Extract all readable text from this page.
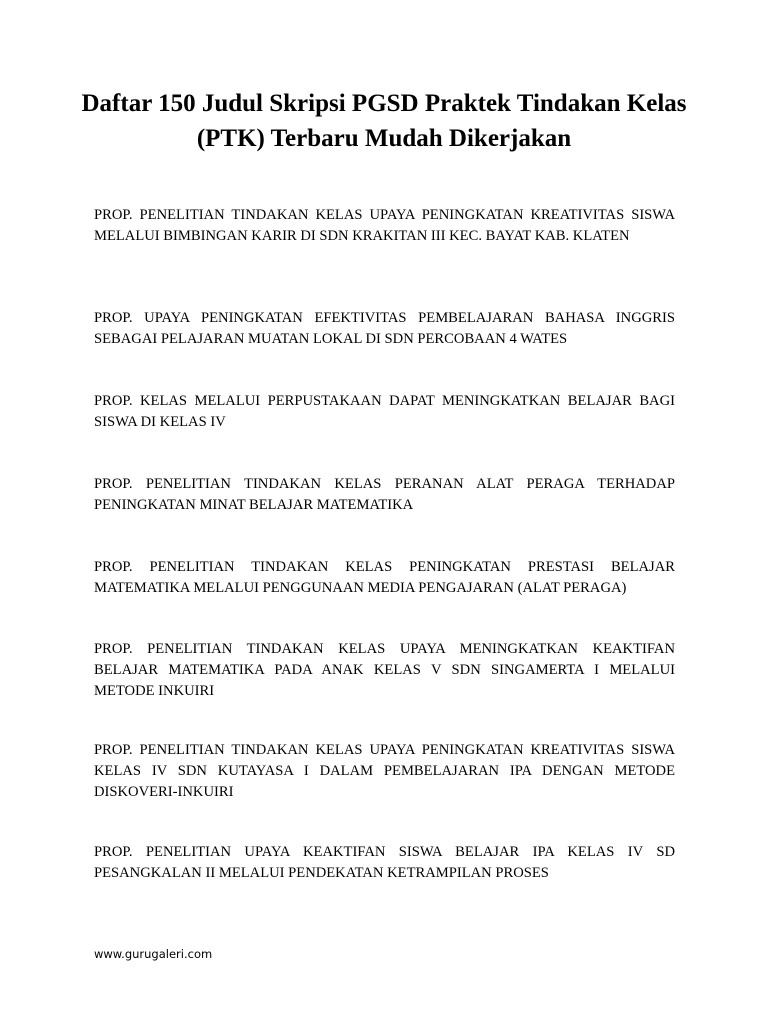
Daftar 150 Judul Skripsi PGSD Praktek Tindakan Kelas (PTK) Terbaru Mudah Dikerjakan
PROP. PENELITIAN TINDAKAN KELAS UPAYA PENINGKATAN KREATIVITAS SISWA MELALUI BIMBINGAN KARIR DI SDN KRAKITAN III KEC. BAYAT KAB. KLATEN
PROP. UPAYA PENINGKATAN EFEKTIVITAS PEMBELAJARAN BAHASA INGGRIS SEBAGAI PELAJARAN MUATAN LOKAL DI SDN PERCOBAAN 4 WATES
PROP. KELAS MELALUI PERPUSTAKAAN DAPAT MENINGKATKAN BELAJAR BAGI SISWA DI KELAS IV
PROP. PENELITIAN TINDAKAN KELAS PERANAN ALAT PERAGA TERHADAP PENINGKATAN MINAT BELAJAR MATEMATIKA
PROP. PENELITIAN TINDAKAN KELAS PENINGKATAN PRESTASI BELAJAR MATEMATIKA MELALUI PENGGUNAAN MEDIA PENGAJARAN (ALAT PERAGA)
PROP. PENELITIAN TINDAKAN KELAS UPAYA MENINGKATKAN KEAKTIFAN BELAJAR MATEMATIKA PADA ANAK KELAS V SDN SINGAMERTA I MELALUI METODE INKUIRI
PROP. PENELITIAN TINDAKAN KELAS UPAYA PENINGKATAN KREATIVITAS SISWA KELAS IV SDN KUTAYASA I DALAM PEMBELAJARAN IPA DENGAN METODE DISKOVERI-INKUIRI
PROP. PENELITIAN UPAYA KEAKTIFAN SISWA BELAJAR IPA KELAS IV SD PESANGKALAN II MELALUI PENDEKATAN KETRAMPILAN PROSES
www.gurugaleri.com
